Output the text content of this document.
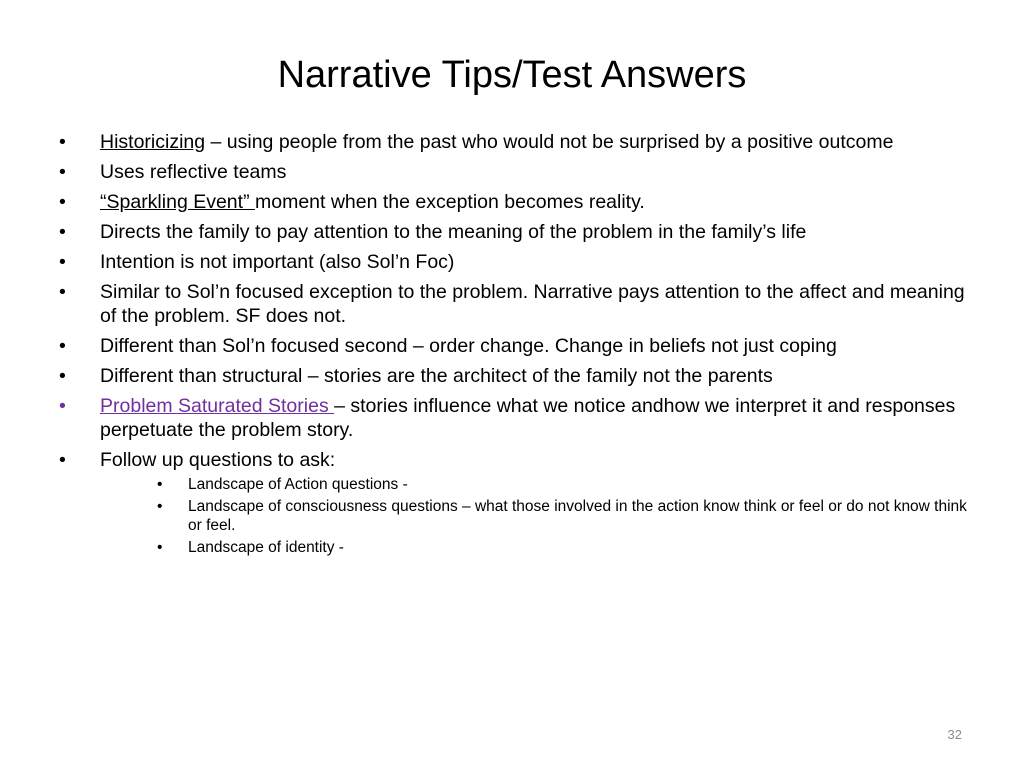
Narrative Tips/Test Answers
•	Historicizing – using people from the past who would not be surprised by a positive outcome
•	Uses reflective teams
•	“Sparkling Event” moment when the exception becomes reality.
•	Directs the family to pay attention to the meaning of the problem in the family’s life
•	Intention is not important (also Sol’n Foc)
•	Similar to Sol’n focused exception to the problem. Narrative pays attention to the affect and meaning of the problem. SF does not.
•	Different than Sol’n focused second – order change. Change in beliefs not just coping
•	Different than structural – stories are the architect of the family not the parents
•	Problem Saturated Stories – stories influence what we notice andhow we interpret it and responses perpetuate the problem story.
•	Follow up questions to ask:
•	Landscape of Action questions -
•	Landscape of consciousness questions – what those involved in the action know think or feel or do not know think or feel.
•	Landscape of identity -
32
